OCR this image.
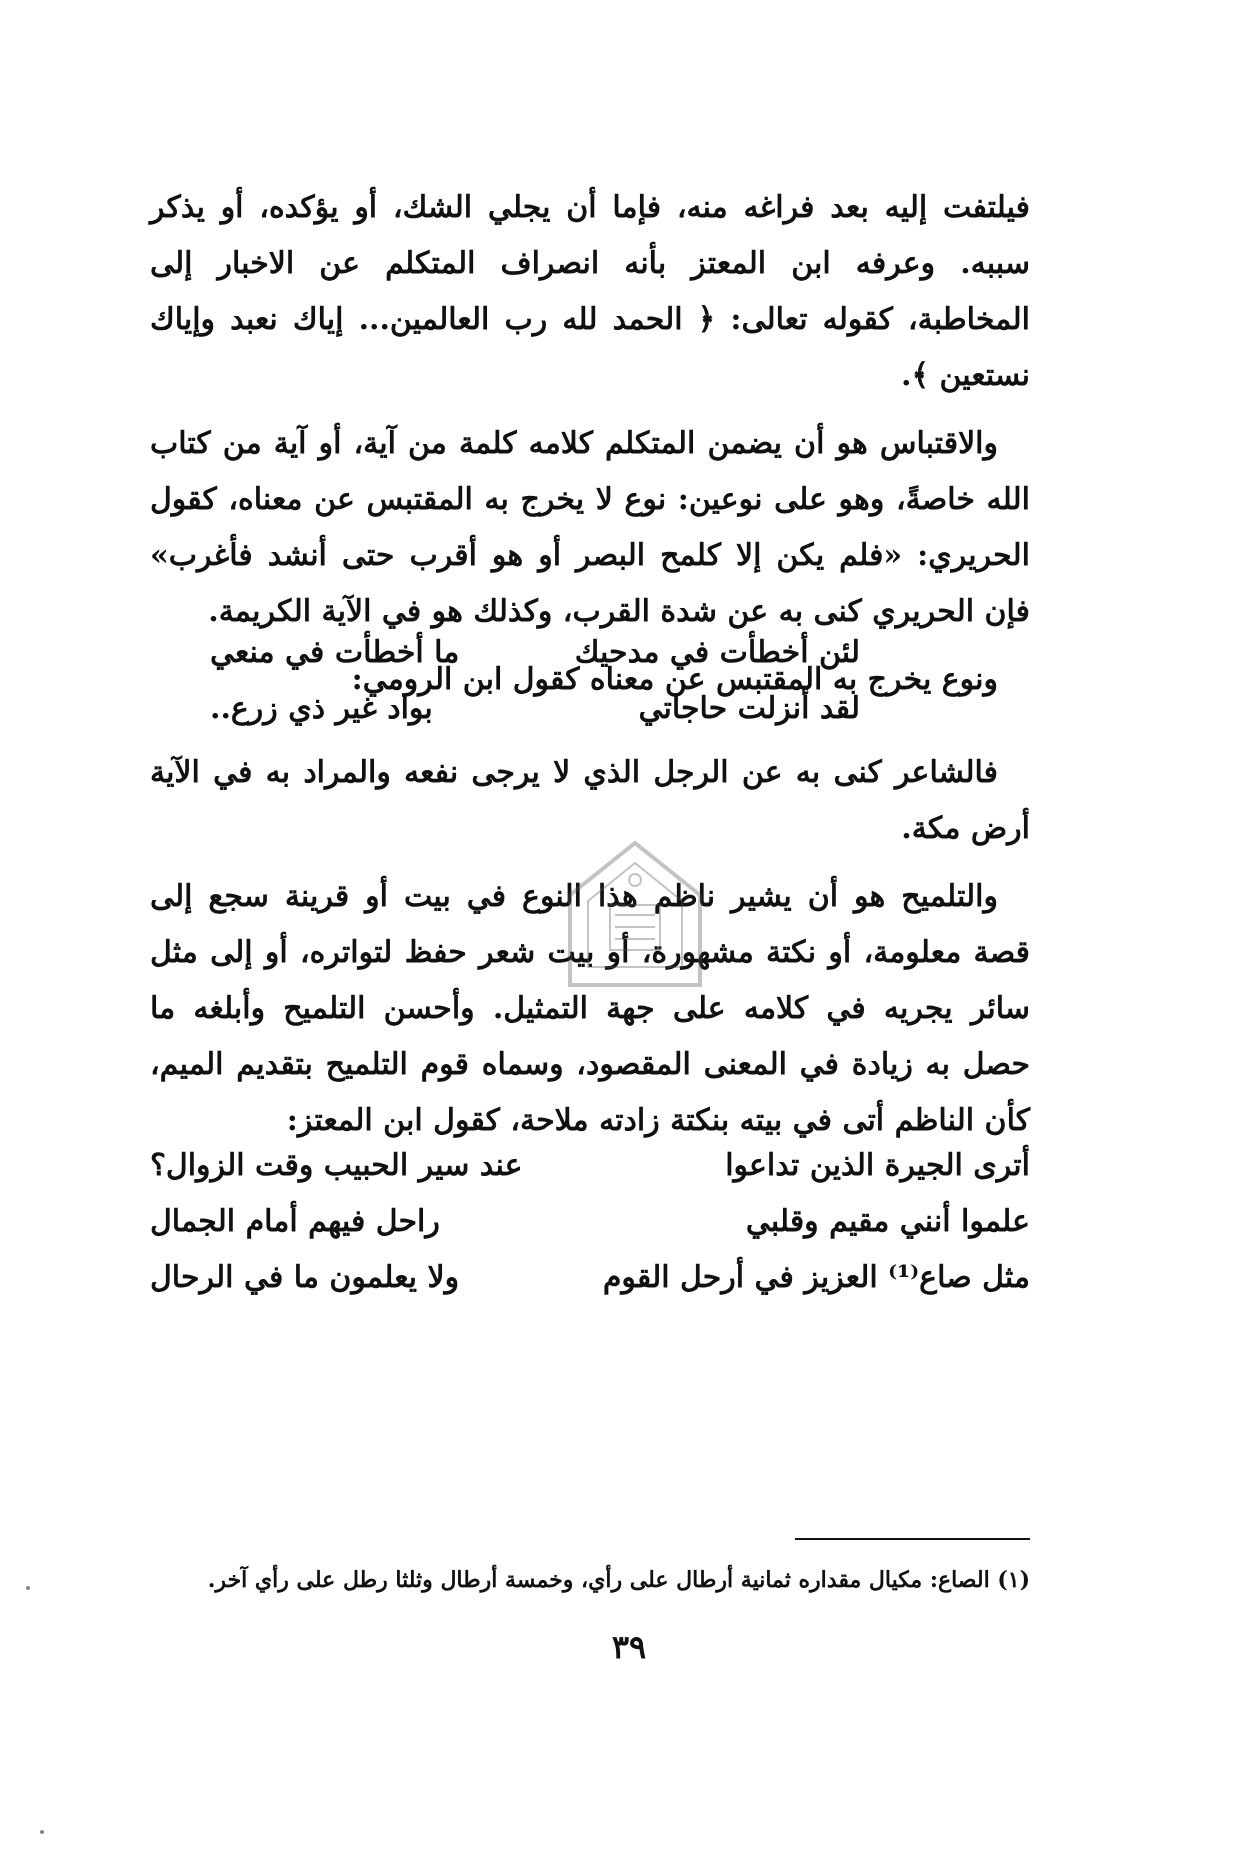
فيلتفت إليه بعد فراغه منه، فإما أن يجلي الشك، أو يؤكده، أو يذكر سببه. وعرفه ابن المعتز بأنه انصراف المتكلم عن الاخبار إلى المخاطبة، كقوله تعالى: ﴿ الحمد لله رب العالمين... إياك نعبد وإياك نستعين ﴾.

والاقتباس هو أن يضمن المتكلم كلامه كلمة من آية، أو آية من كتاب الله خاصةً، وهو على نوعين: نوع لا يخرج به المقتبس عن معناه، كقول الحريري: «فلم يكن إلا كلمح البصر أو هو أقرب حتى أنشد فأغرب» فإن الحريري كنى به عن شدة القرب، وكذلك هو في الآية الكريمة.

ونوع يخرج به المقتبس عن معناه كقول ابن الرومي:

لئن أخطأت في مدحيك
ما أخطأت في منعي
لقد أنزلت حاجاتي
بواد غير ذي زرع..

فالشاعر كنى به عن الرجل الذي لا يرجى نفعه والمراد به في الآية أرض مكة.

والتلميح هو أن يشير ناظم هذا النوع في بيت أو قرينة سجع إلى قصة معلومة، أو نكتة مشهورة، أو بيت شعر حفظ لتواتره، أو إلى مثل سائر يجريه في كلامه على جهة التمثيل. وأحسن التلميح وأبلغه ما حصل به زيادة في المعنى المقصود، وسماه قوم التلميح بتقديم الميم، كأن الناظم أتى في بيته بنكتة زادته ملاحة، كقول ابن المعتز:

أترى الجيرة الذين تداعوا
عند سير الحبيب وقت الزوال؟
علموا أنني مقيم وقلبي
راحل فيهم أمام الجمال
مثل صاع⁽¹⁾ العزيز في أرحل القوم
ولا يعلمون ما في الرحال
(١) الصاع: مكيال مقداره ثمانية أرطال على رأي، وخمسة أرطال وثلثا رطل على رأي آخر.
٣٩
